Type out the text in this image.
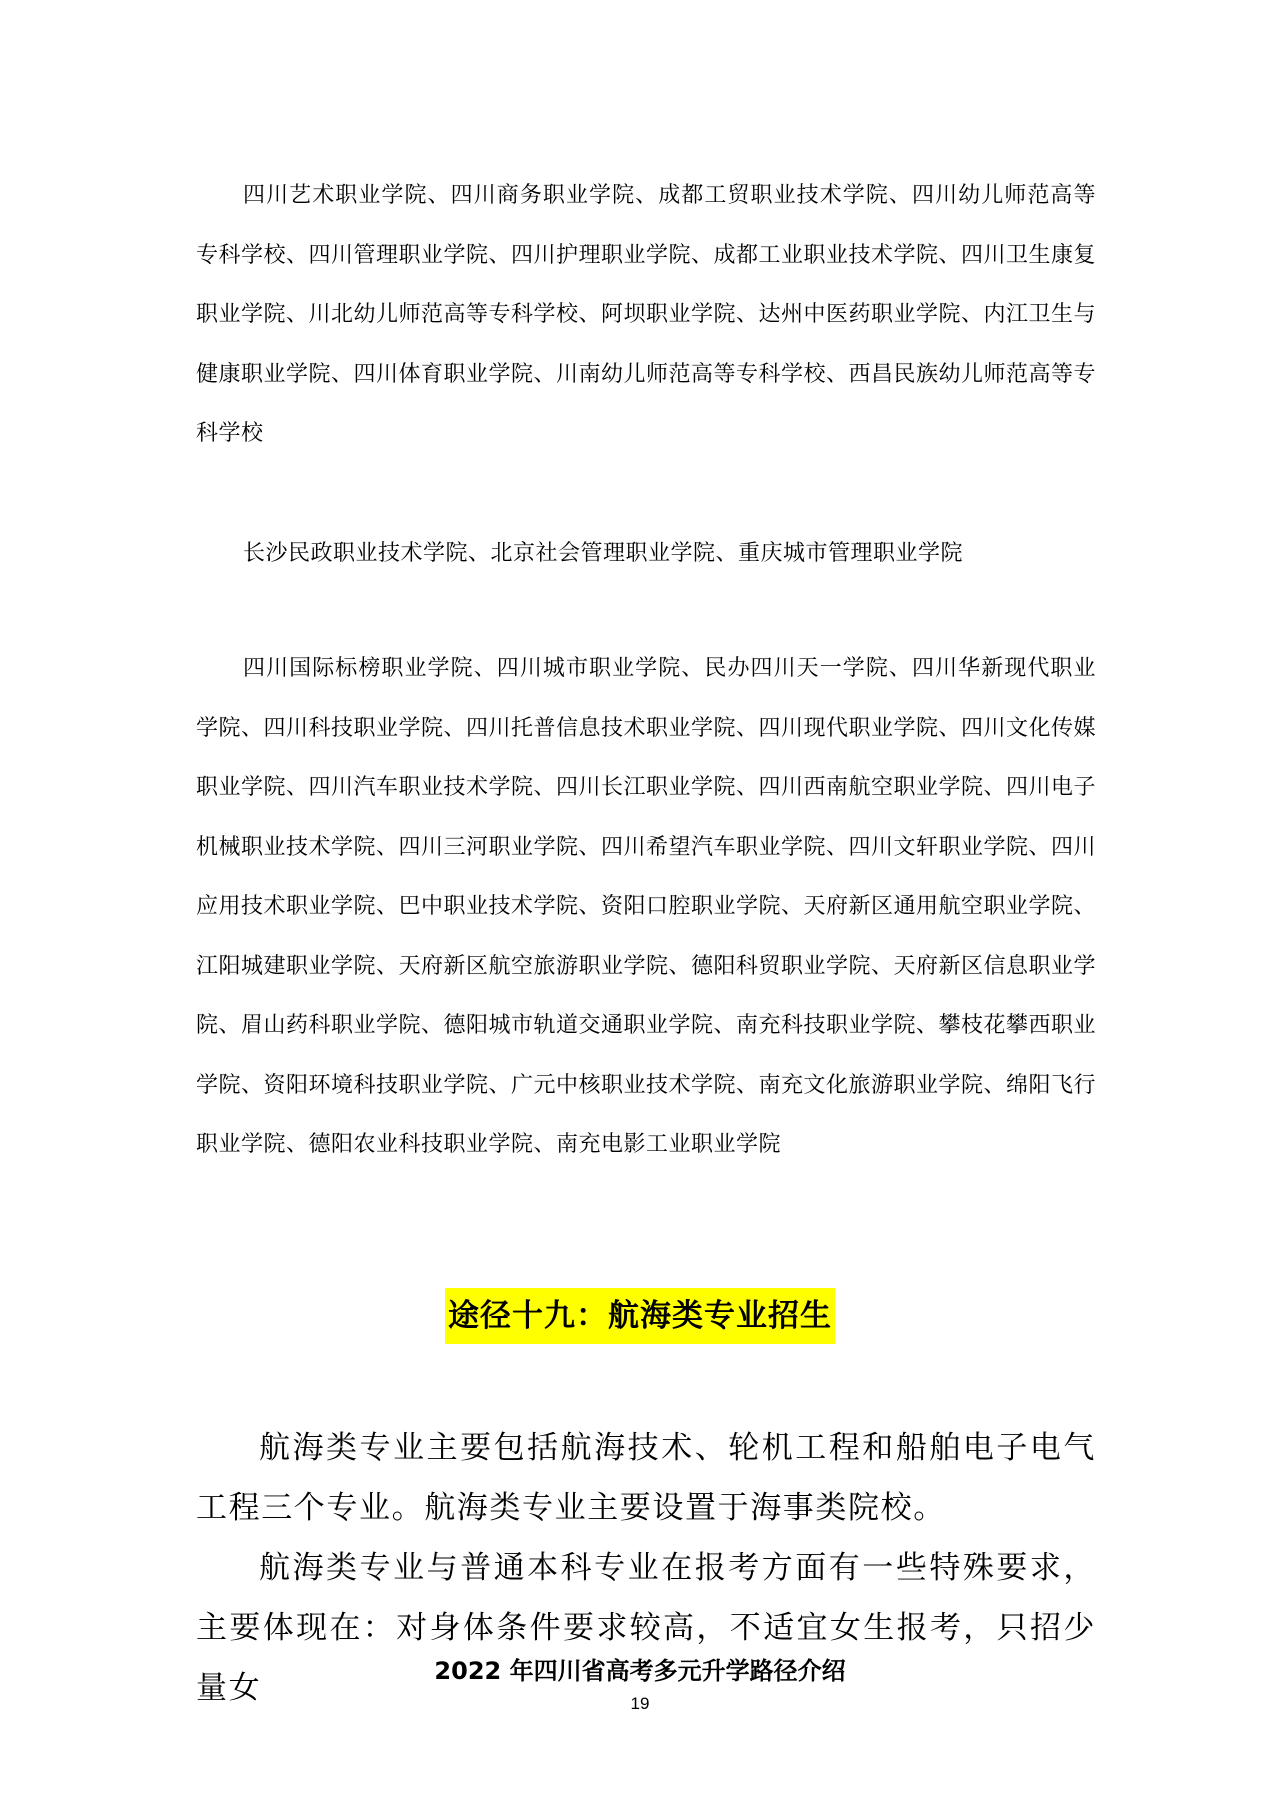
四川艺术职业学院、四川商务职业学院、成都工贸职业技术学院、四川幼儿师范高等专科学校、四川管理职业学院、四川护理职业学院、成都工业职业技术学院、四川卫生康复职业学院、川北幼儿师范高等专科学校、阿坝职业学院、达州中医药职业学院、内江卫生与健康职业学院、四川体育职业学院、川南幼儿师范高等专科学校、西昌民族幼儿师范高等专科学校

长沙民政职业技术学院、北京社会管理职业学院、重庆城市管理职业学院

四川国际标榜职业学院、四川城市职业学院、民办四川天一学院、四川华新现代职业学院、四川科技职业学院、四川托普信息技术职业学院、四川现代职业学院、四川文化传媒职业学院、四川汽车职业技术学院、四川长江职业学院、四川西南航空职业学院、四川电子机械职业技术学院、四川三河职业学院、四川希望汽车职业学院、四川文轩职业学院、四川应用技术职业学院、巴中职业技术学院、资阳口腔职业学院、天府新区通用航空职业学院、江阳城建职业学院、天府新区航空旅游职业学院、德阳科贸职业学院、天府新区信息职业学院、眉山药科职业学院、德阳城市轨道交通职业学院、南充科技职业学院、攀枝花攀西职业学院、资阳环境科技职业学院、广元中核职业技术学院、南充文化旅游职业学院、绵阳飞行职业学院、德阳农业科技职业学院、南充电影工业职业学院

途径十九：航海类专业招生

航海类专业主要包括航海技术、轮机工程和船舶电子电气工程三个专业。航海类专业主要设置于海事类院校。

航海类专业与普通本科专业在报考方面有一些特殊要求，主要体现在：对身体条件要求较高，不适宜女生报考，只招少量女	2022 年四川省高考多元升学路径介绍
19
